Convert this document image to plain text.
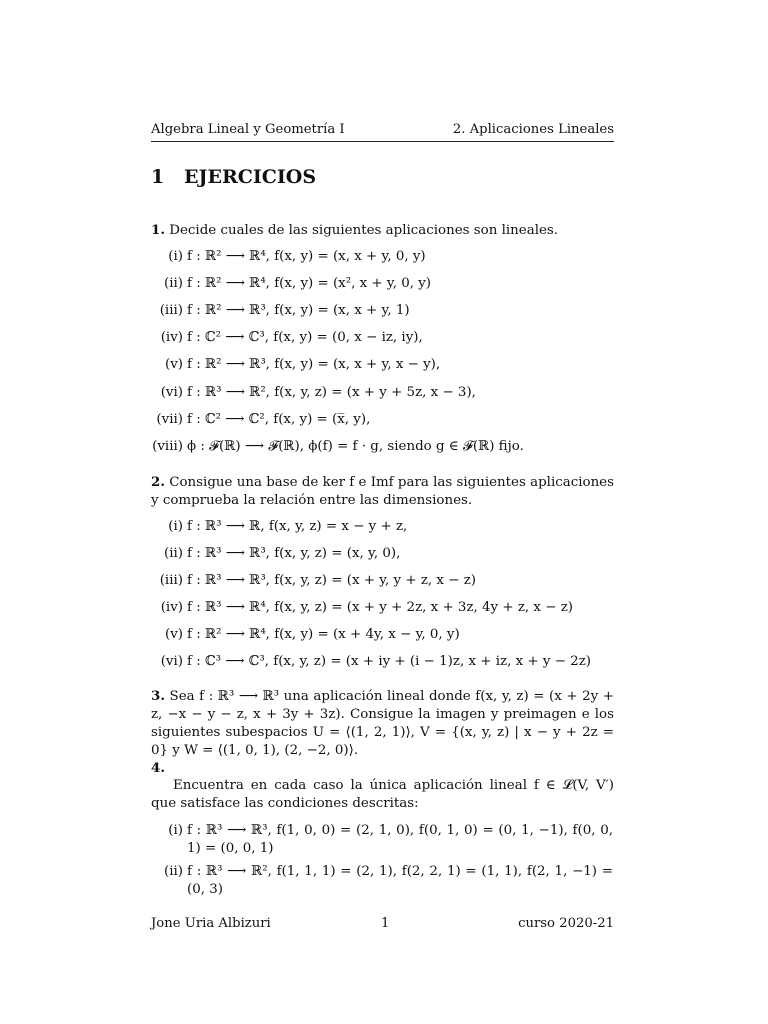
Algebra Lineal y Geometría I	2. Aplicaciones Lineales
1 EJERCICIOS
1. Decide cuales de las siguientes aplicaciones son lineales.
(i) f : ℝ² ⟶ ℝ⁴, f(x, y) = (x, x + y, 0, y)
(ii) f : ℝ² ⟶ ℝ⁴, f(x, y) = (x², x + y, 0, y)
(iii) f : ℝ² ⟶ ℝ³, f(x, y) = (x, x + y, 1)
(iv) f : ℂ² ⟶ ℂ³, f(x, y) = (0, x − iz, iy),
(v) f : ℝ² ⟶ ℝ³, f(x, y) = (x, x + y, x − y),
(vi) f : ℝ³ ⟶ ℝ², f(x, y, z) = (x + y + 5z, x − 3),
(vii) f : ℂ² ⟶ ℂ², f(x, y) = (x̅, y),
(viii) ϕ : 𝓕(ℝ) ⟶ 𝓕(ℝ), ϕ(f) = f · g, siendo g ∈ 𝓕(ℝ) fijo.
2. Consigue una base de ker f e Imf para las siguientes aplicaciones y comprueba la relación entre las dimensiones.
(i) f : ℝ³ ⟶ ℝ, f(x, y, z) = x − y + z,
(ii) f : ℝ³ ⟶ ℝ³, f(x, y, z) = (x, y, 0),
(iii) f : ℝ³ ⟶ ℝ³, f(x, y, z) = (x + y, y + z, x − z)
(iv) f : ℝ³ ⟶ ℝ⁴, f(x, y, z) = (x + y + 2z, x + 3z, 4y + z, x − z)
(v) f : ℝ² ⟶ ℝ⁴, f(x, y) = (x + 4y, x − y, 0, y)
(vi) f : ℂ³ ⟶ ℂ³, f(x, y, z) = (x + iy + (i − 1)z, x + iz, x + y − 2z)
3. Sea f : ℝ³ ⟶ ℝ³ una aplicación lineal donde f(x, y, z) = (x + 2y + z, −x − y − z, x + 3y + 3z). Consigue la imagen y preimagen e los siguientes subespacios U = ⟨(1, 2, 1)⟩, V = {(x, y, z) | x − y + 2z = 0} y W = ⟨(1, 0, 1), (2, −2, 0)⟩.
4.
Encuentra en cada caso la única aplicación lineal f ∈ 𝓛(V, V′) que satisface las condiciones descritas:
(i) f : ℝ³ ⟶ ℝ³, f(1, 0, 0) = (2, 1, 0), f(0, 1, 0) = (0, 1, −1), f(0, 0, 1) = (0, 0, 1)
(ii) f : ℝ³ ⟶ ℝ², f(1, 1, 1) = (2, 1), f(2, 2, 1) = (1, 1), f(2, 1, −1) = (0, 3)
Jone Uria Albizuri	1	curso 2020-21
